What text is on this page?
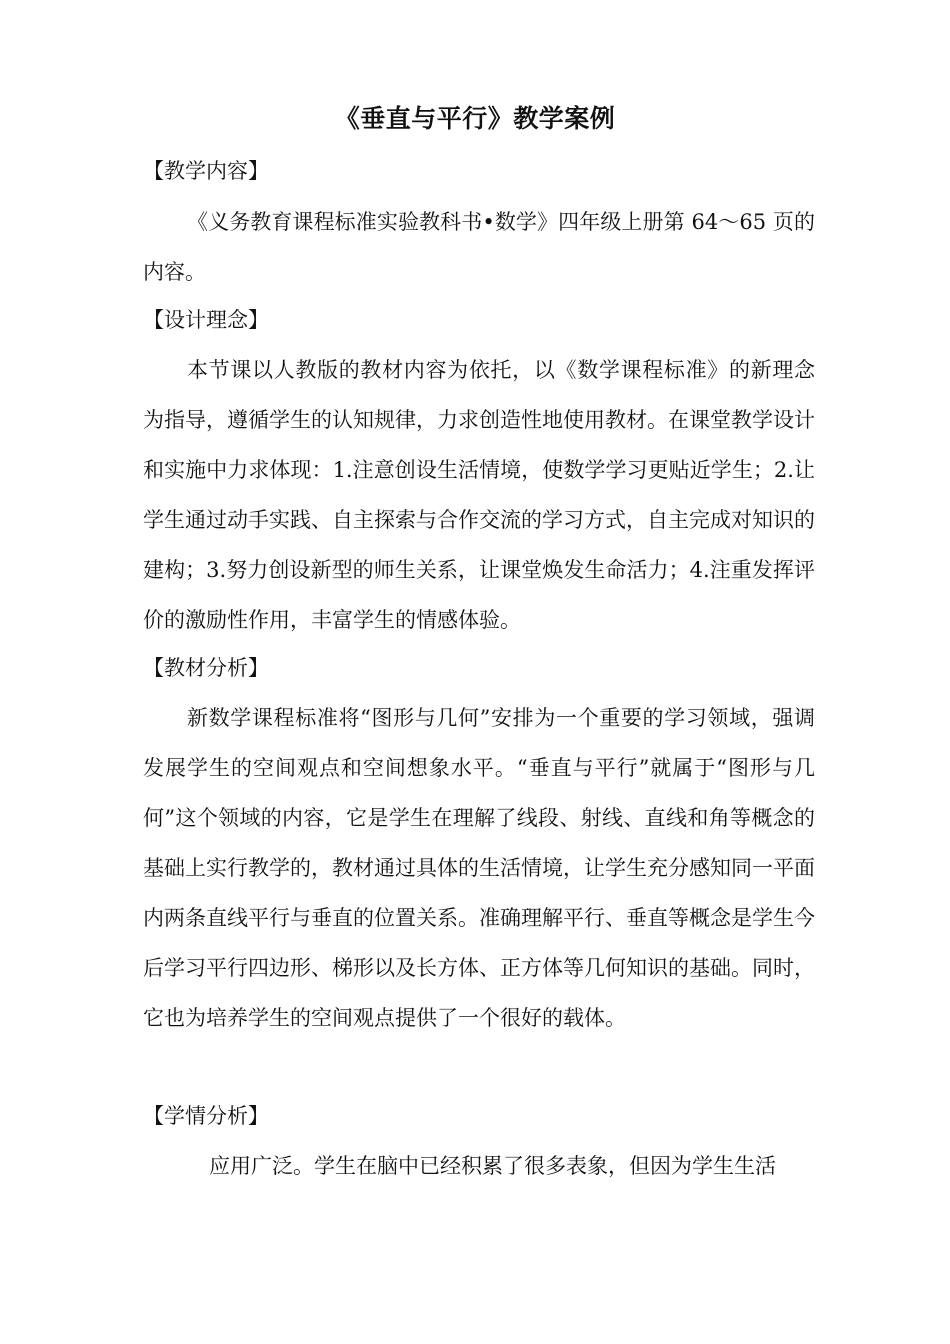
《垂直与平行》教学案例
【教学内容】
《义务教育课程标准实验教科书•数学》四年级上册第 64～65 页的内容。
【设计理念】
本节课以人教版的教材内容为依托，以《数学课程标准》的新理念为指导，遵循学生的认知规律，力求创造性地使用教材。在课堂教学设计和实施中力求体现：1.注意创设生活情境，使数学学习更贴近学生；2.让学生通过动手实践、自主探索与合作交流的学习方式，自主完成对知识的建构；3.努力创设新型的师生关系，让课堂焕发生命活力；4.注重发挥评价的激励性作用，丰富学生的情感体验。
【教材分析】
新数学课程标准将“图形与几何”安排为一个重要的学习领域，强调发展学生的空间观点和空间想象水平。“垂直与平行”就属于“图形与几何”这个领域的内容，它是学生在理解了线段、射线、直线和角等概念的基础上实行教学的，教材通过具体的生活情境，让学生充分感知同一平面内两条直线平行与垂直的位置关系。准确理解平行、垂直等概念是学生今后学习平行四边形、梯形以及长方体、正方体等几何知识的基础。同时，它也为培养学生的空间观点提供了一个很好的载体。
【学情分析】
应用广泛。学生在脑中已经积累了很多表象，但因为学生生活
